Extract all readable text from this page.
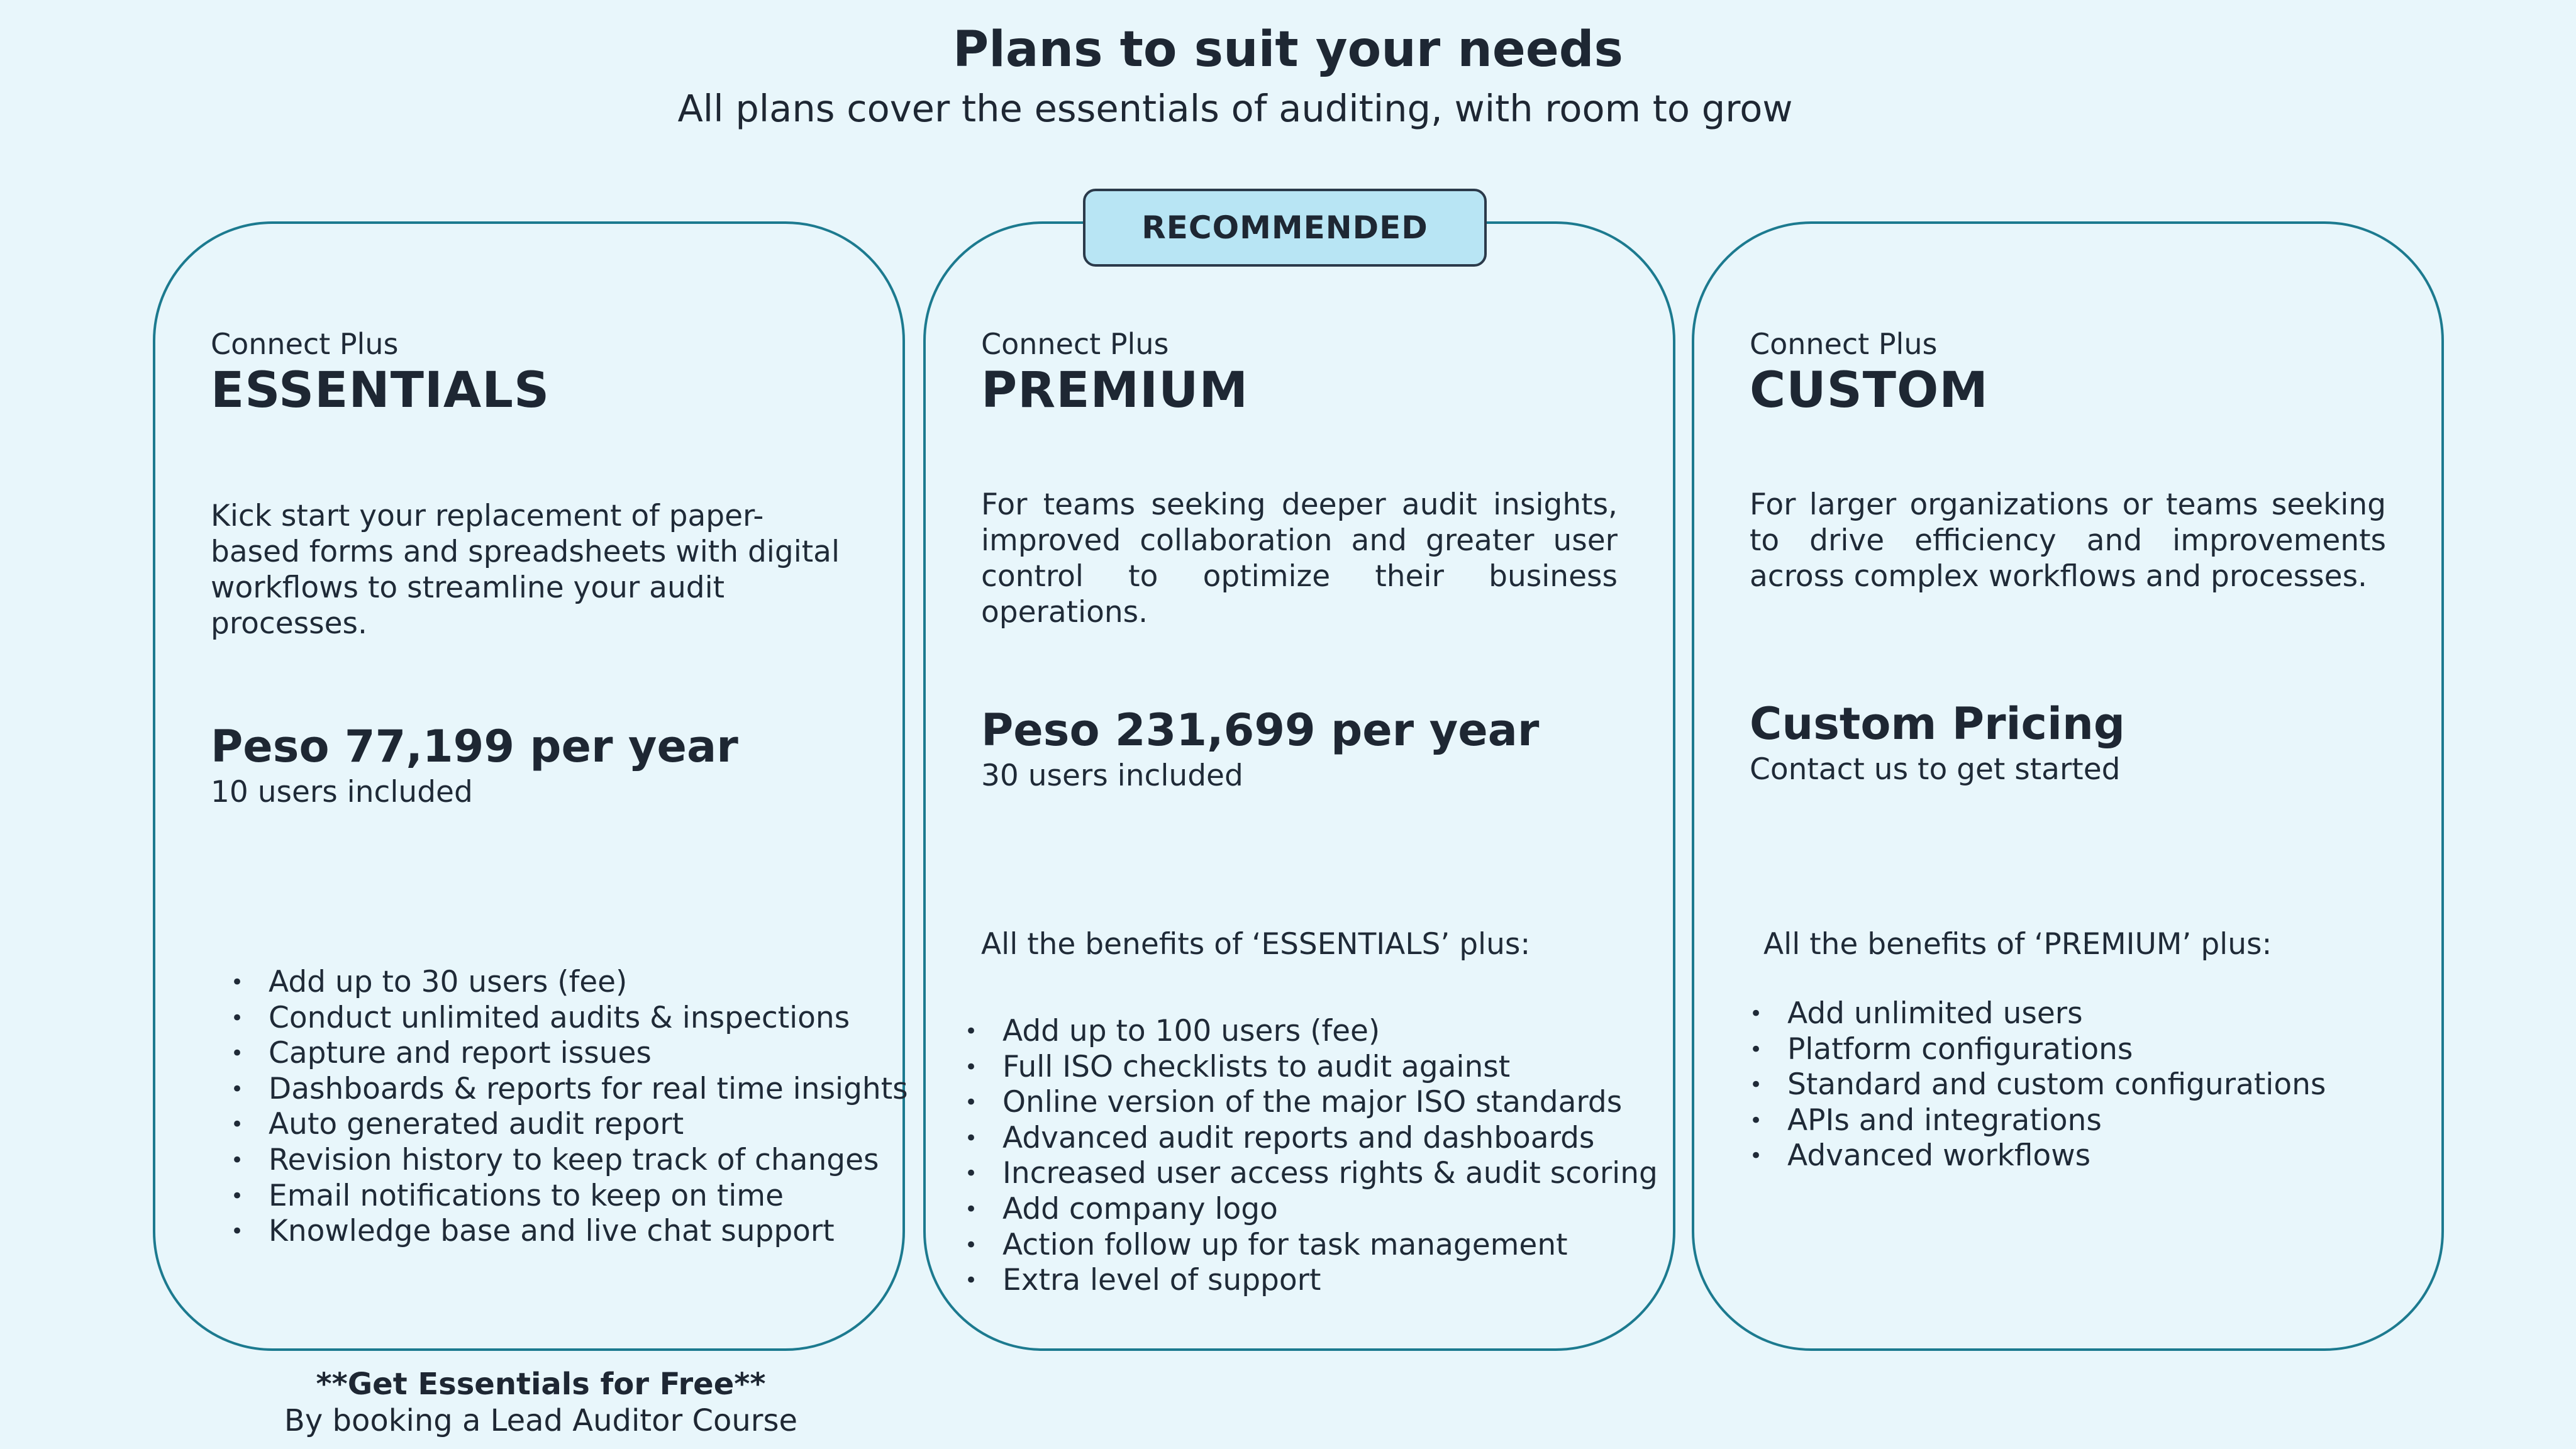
Plans to suit your needs
All plans cover the essentials of auditing, with room to grow
Connect Plus
ESSENTIALS
Kick start your replacement of paper-based forms and spreadsheets with digital workflows to streamline your audit processes.
Peso 77,199 per year
10 users included
• Add up to 30 users (fee)
• Conduct unlimited audits & inspections
• Capture and report issues
• Dashboards & reports for real time insights
• Auto generated audit report
• Revision history to keep track of changes
• Email notifications to keep on time
• Knowledge base and live chat support
Connect Plus
PREMIUM
For teams seeking deeper audit insights, improved collaboration and greater user control to optimize their business operations.
Peso 231,699 per year
30 users included
All the benefits of ‘ESSENTIALS’ plus:
• Add up to 100 users (fee)
• Full ISO checklists to audit against
• Online version of the major ISO standards
• Advanced audit reports and dashboards
• Increased user access rights & audit scoring
• Add company logo
• Action follow up for task management
• Extra level of support
Connect Plus
CUSTOM
For larger organizations or teams seeking to drive efficiency and improvements across complex workflows and processes.
Custom Pricing
Contact us to get started
All the benefits of ‘PREMIUM’ plus:
• Add unlimited users
• Platform configurations
• Standard and custom configurations
• APIs and integrations
• Advanced workflows
RECOMMENDED
**Get Essentials for Free**
By booking a Lead Auditor Course
